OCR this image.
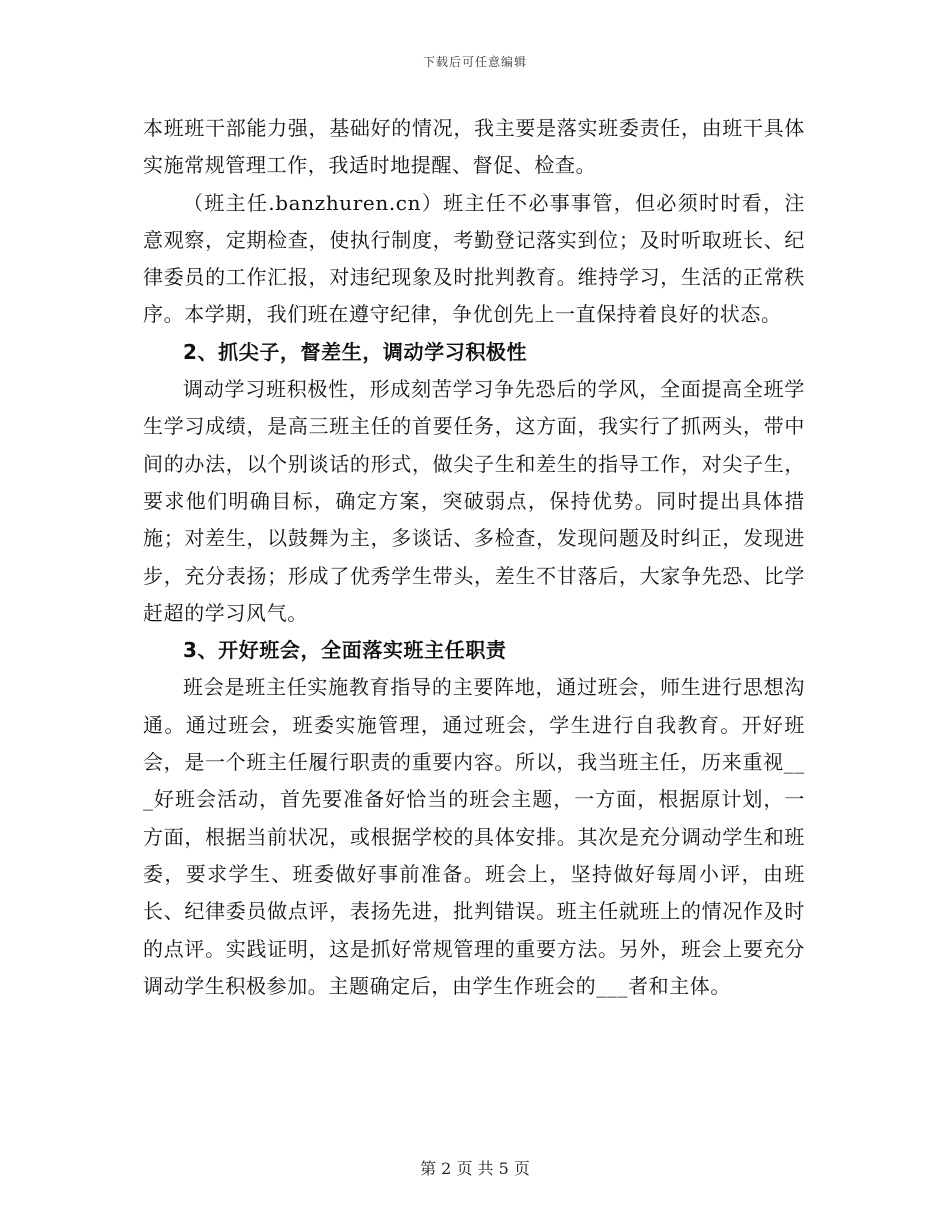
下载后可任意编辑

本班班干部能力强，基础好的情况，我主要是落实班委责任，由班干具体实施常规管理工作，我适时地提醒、督促、检查。

（班主任.banzhuren.cn）班主任不必事事管，但必须时时看，注意观察，定期检查，使执行制度，考勤登记落实到位；及时听取班长、纪律委员的工作汇报，对违纪现象及时批判教育。维持学习，生活的正常秩序。本学期，我们班在遵守纪律，争优创先上一直保持着良好的状态。

2、抓尖子，督差生，调动学习积极性

调动学习班积极性，形成刻苦学习争先恐后的学风，全面提高全班学生学习成绩，是高三班主任的首要任务，这方面，我实行了抓两头，带中间的办法，以个别谈话的形式，做尖子生和差生的指导工作，对尖子生，要求他们明确目标，确定方案，突破弱点，保持优势。同时提出具体措施；对差生，以鼓舞为主，多谈话、多检查，发现问题及时纠正，发现进步，充分表扬；形成了优秀学生带头，差生不甘落后，大家争先恐、比学赶超的学习风气。

3、开好班会，全面落实班主任职责

班会是班主任实施教育指导的主要阵地，通过班会，师生进行思想沟通。通过班会，班委实施管理，通过班会，学生进行自我教育。开好班会，是一个班主任履行职责的重要内容。所以，我当班主任，历来重视___好班会活动，首先要准备好恰当的班会主题，一方面，根据原计划，一方面，根据当前状况，或根据学校的具体安排。其次是充分调动学生和班委，要求学生、班委做好事前准备。班会上，坚持做好每周小评，由班长、纪律委员做点评，表扬先进，批判错误。班主任就班上的情况作及时的点评。实践证明，这是抓好常规管理的重要方法。另外，班会上要充分调动学生积极参加。主题确定后，由学生作班会的___者和主体。

第 2 页 共 5 页
